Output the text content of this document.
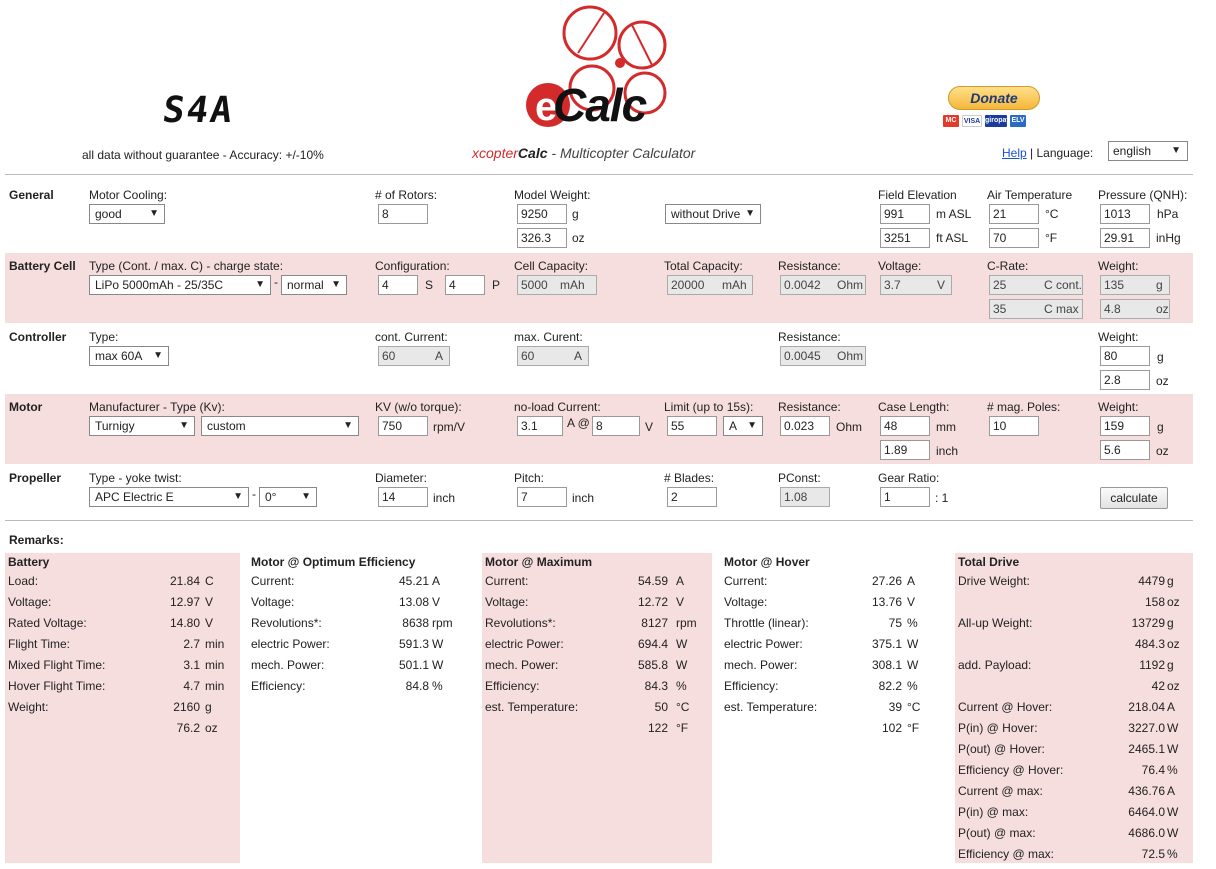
S4A
all data without guarantee - Accuracy: +/-10%
e
Calc
xcopterCalc - Multicopter Calculator
Donate
MC	VISA giropay ELV
Help | Language:	english ▼
General	Motor Cooling:
good	▼
# of Rotors:
8
Model Weight:
9250	g
326.3	oz
without Drive ▼
Field Elevation
991	m ASL
3251	ft ASL
Air Temperature
21	°C
70	°F
Pressure (QNH):
1013	hPa
29.91	inHg
Battery Cell Type (Cont. / max. C) - charge state:
LiPo 5000mAh - 25/35C	▼ - normal ▼
Configuration:
4	S	4	P
Cell Capacity:
5000 mAh
Total Capacity:
20000 mAh
Resistance:
0.0042 Ohm
Voltage:
3.7	V
C-Rate:
25	C cont.
35	C max
Weight:
135	g
4.8	oz
Controller Type:
max 60A ▼
cont. Current:
60	A
max. Curent:
60	A
Resistance:
0.0045 Ohm
Weight:
80	g
2.8	oz
Motor	Manufacturer - Type (Kv):
Turnigy	▼	custom	▼
KV (w/o torque):
750	rpm/V
no-load Current:
3.1	A @ 8	V
Limit (up to 15s):
55	A ▼
Resistance:
0.023	Ohm
Case Length:
48	mm
1.89	inch
# mag. Poles:
10
Weight:
159	g
5.6	oz
Propeller Type - yoke twist:
APC Electric E	▼ - 0° ▼
Diameter:
14	inch
Pitch:
7	inch
# Blades:
2
PConst:
1.08
Gear Ratio:
1	: 1	calculate
Remarks:
Battery
Load:	21.84 C
Voltage:	12.97 V
Rated Voltage:	14.80 V
Flight Time:	2.7 min
Mixed Flight Time:	3.1 min
Hover Flight Time:	4.7 min
Weight:	2160 g
76.2 oz
Motor @ Optimum Efficiency
Current:	45.21 A
Voltage:	13.08 V
Revolutions*:	8638 rpm
electric Power:	591.3 W
mech. Power:	501.1 W
Efficiency:	84.8 %
Motor @ Maximum
Current:	54.59 A
Voltage:	12.72 V
Revolutions*:	8127 rpm
electric Power:	694.4 W
mech. Power:	585.8 W
Efficiency:	84.3 %
est. Temperature:	50 °C
122 °F
Motor @ Hover
Current:	27.26 A
Voltage:	13.76 V
Throttle (linear):	75 %
electric Power:	375.1 W
mech. Power:	308.1 W
Efficiency:	82.2 %
est. Temperature:	39 °C
102 °F
Total Drive
Drive Weight:	4479 g
158 oz
All-up Weight:	13729 g
484.3 oz
add. Payload:	1192 g
42 oz
Current @ Hover:	218.04 A
P(in) @ Hover:	3227.0 W
P(out) @ Hover:	2465.1 W
Efficiency @ Hover:	76.4 %
Current @ max:	436.76 A
P(in) @ max:	6464.0 W
P(out) @ max:	4686.0 W
Efficiency @ max:	72.5 %
